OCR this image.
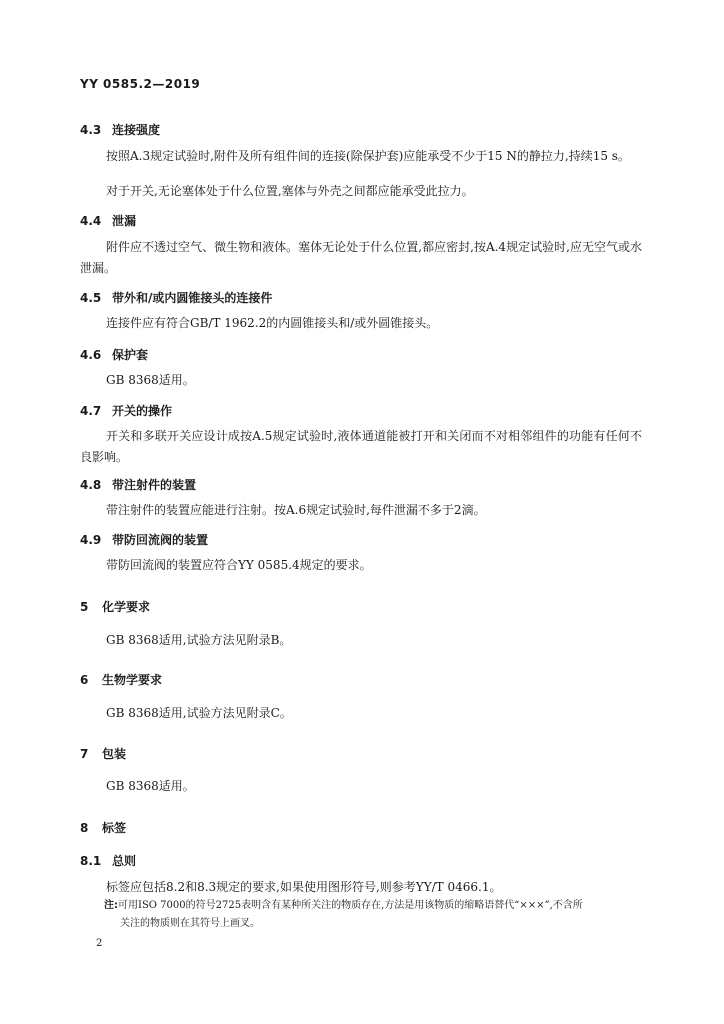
YY 0585.2—2019

4.3 连接强度

按照A.3规定试验时,附件及所有组件间的连接(除保护套)应能承受不少于15 N的静拉力,持续15 s。

对于开关,无论塞体处于什么位置,塞体与外壳之间都应能承受此拉力。

4.4 泄漏

附件应不透过空气、微生物和液体。塞体无论处于什么位置,都应密封,按A.4规定试验时,应无空气或水泄漏。

4.5 带外和/或内圆锥接头的连接件

连接件应有符合GB/T 1962.2的内圆锥接头和/或外圆锥接头。

4.6 保护套

GB 8368适用。

4.7 开关的操作

开关和多联开关应设计成按A.5规定试验时,液体通道能被打开和关闭而不对相邻组件的功能有任何不良影响。

4.8 带注射件的装置

带注射件的装置应能进行注射。按A.6规定试验时,每件泄漏不多于2滴。

4.9 带防回流阀的装置

带防回流阀的装置应符合YY 0585.4规定的要求。

5 化学要求

GB 8368适用,试验方法见附录B。

6 生物学要求

GB 8368适用,试验方法见附录C。

7 包装

GB 8368适用。

8 标签

8.1 总则

标签应包括8.2和8.3规定的要求,如果使用图形符号,则参考YY/T 0466.1。

注:可用ISO 7000的符号2725表明含有某种所关注的物质存在,方法是用该物质的缩略语替代“×××”,不含所

关注的物质则在其符号上画叉。

2
